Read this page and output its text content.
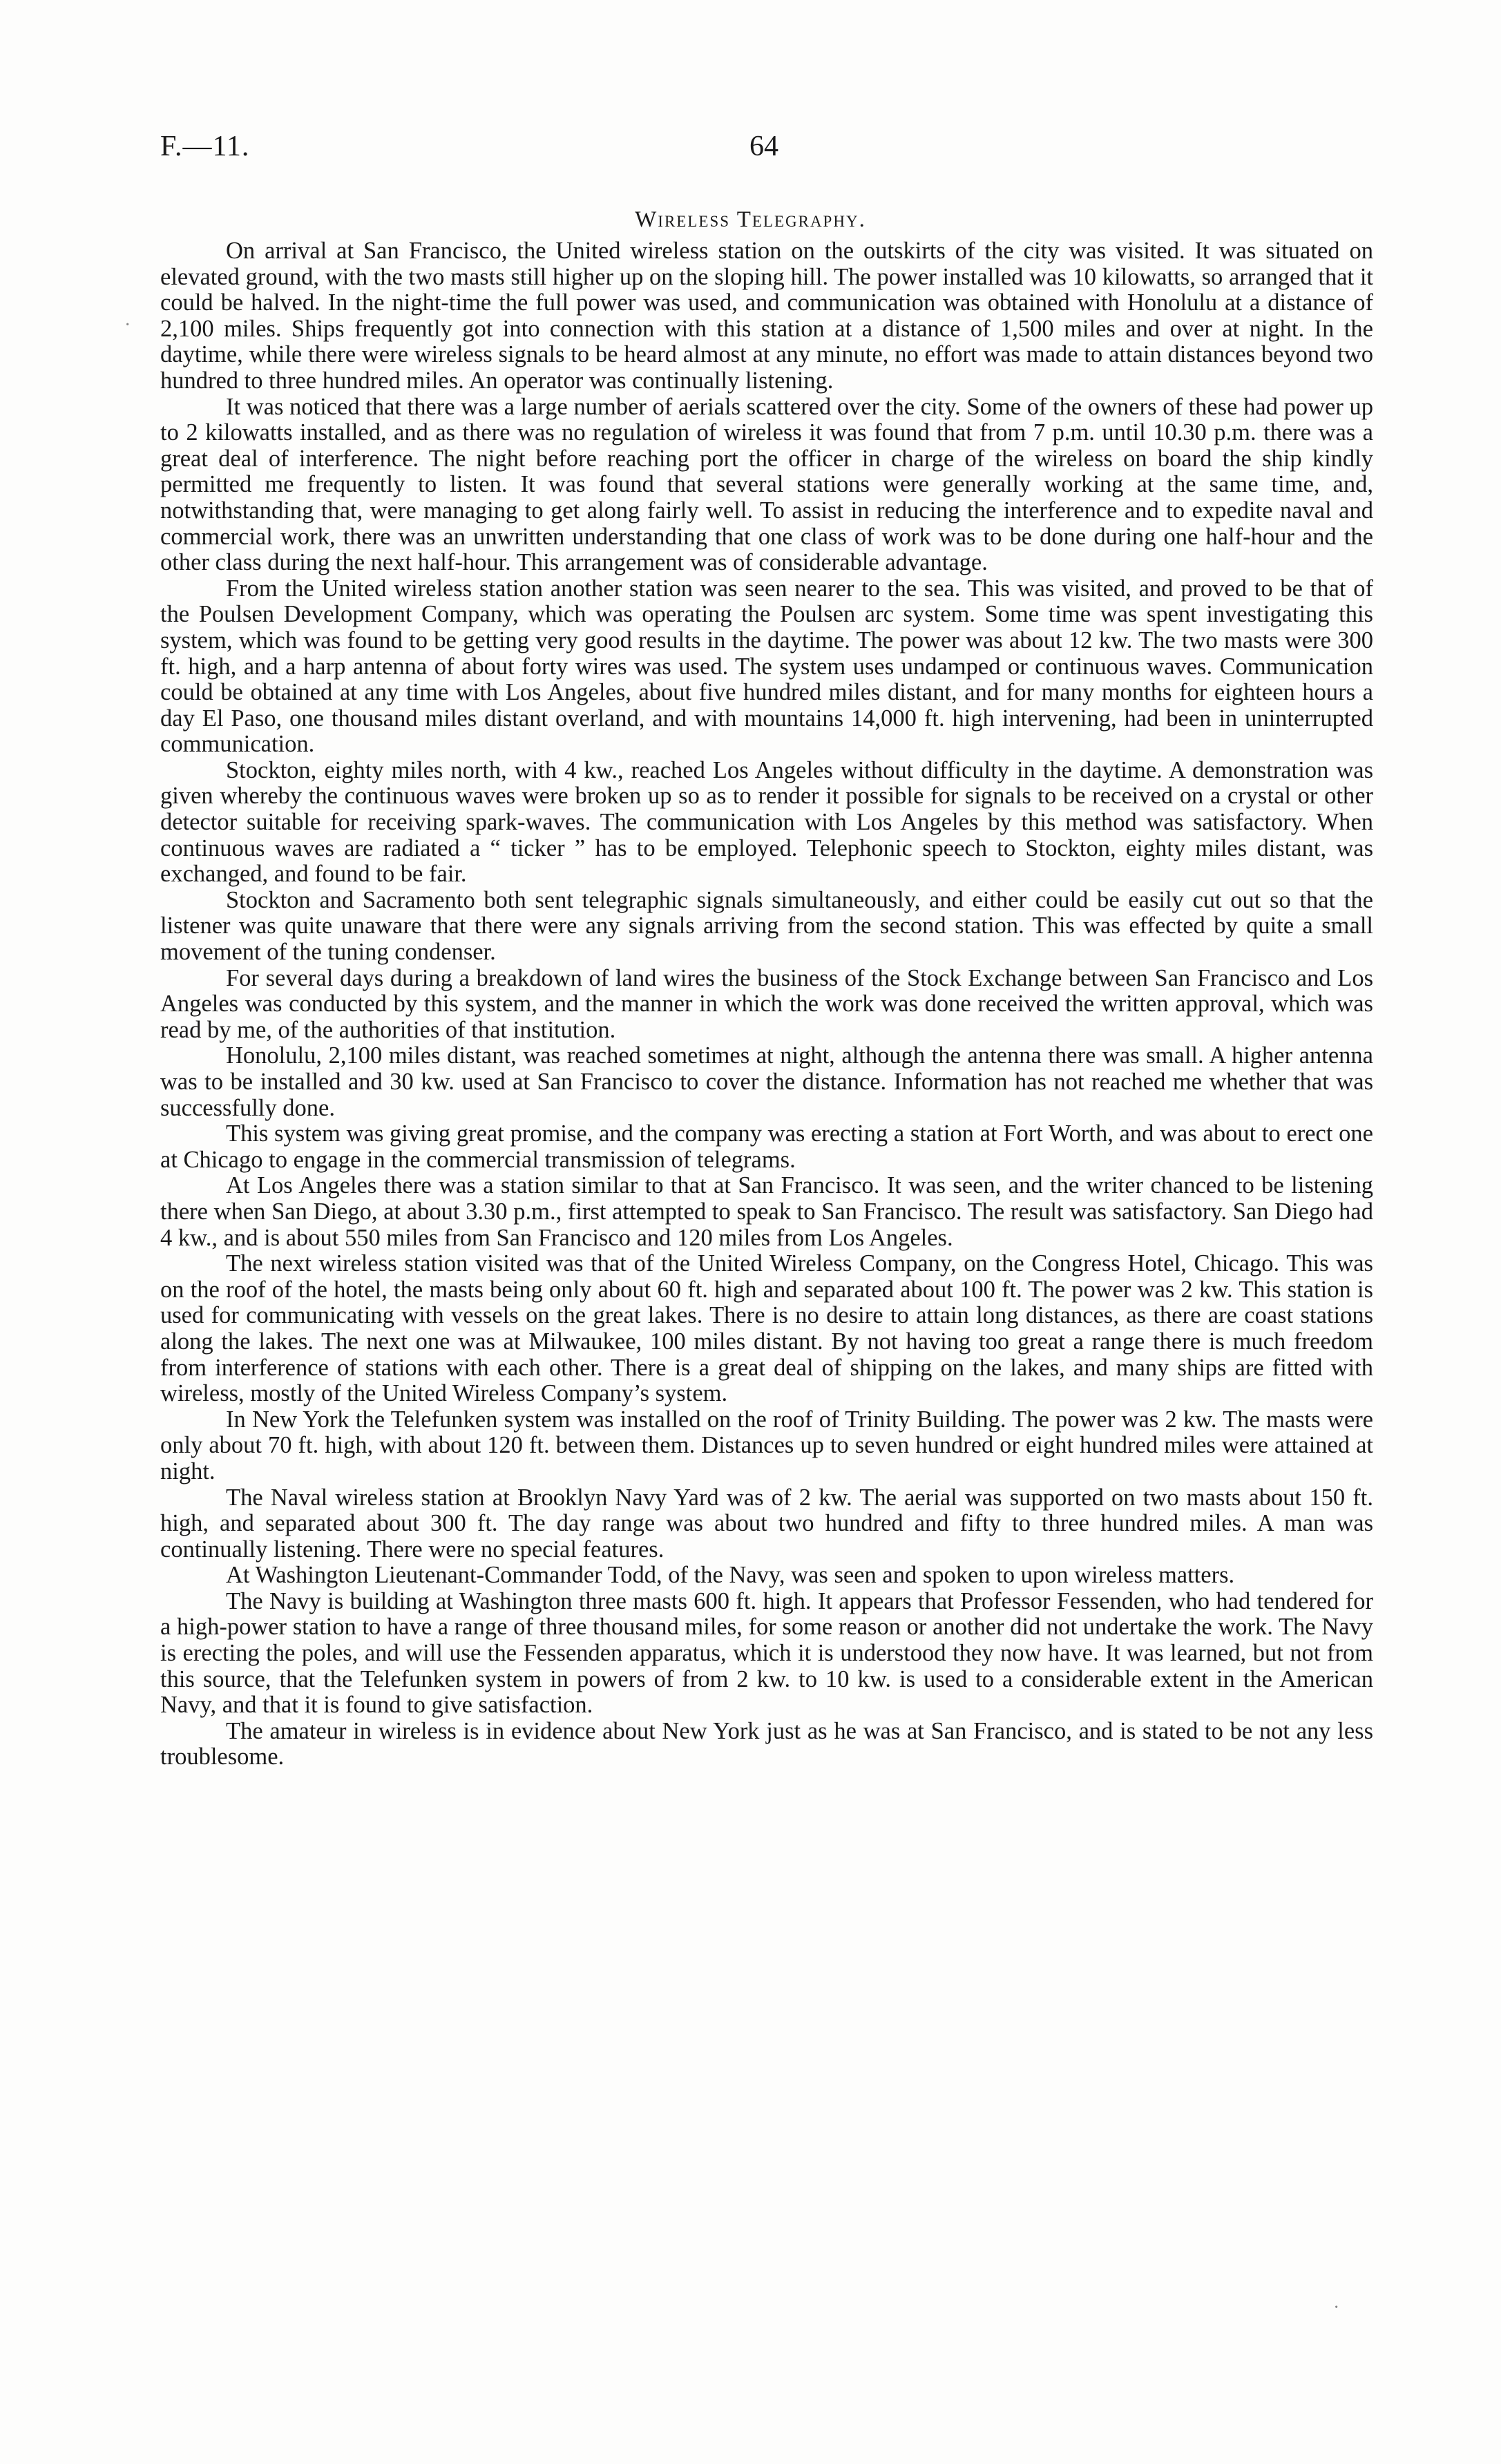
F.—11.	64
Wireless Telegraphy.

On arrival at San Francisco, the United wireless station on the outskirts of the city was visited. It was situated on elevated ground, with the two masts still higher up on the sloping hill. The power installed was 10 kilowatts, so arranged that it could be halved. In the night-time the full power was used, and communication was obtained with Honolulu at a distance of 2,100 miles. Ships frequently got into connection with this station at a distance of 1,500 miles and over at night. In the daytime, while there were wireless signals to be heard almost at any minute, no effort was made to attain distances beyond two hundred to three hundred miles. An operator was continually listening.

It was noticed that there was a large number of aerials scattered over the city. Some of the owners of these had power up to 2 kilowatts installed, and as there was no regulation of wireless it was found that from 7 p.m. until 10.30 p.m. there was a great deal of interference. The night before reaching port the officer in charge of the wireless on board the ship kindly permitted me frequently to listen. It was found that several stations were generally working at the same time, and, notwithstanding that, were managing to get along fairly well. To assist in reducing the interference and to expedite naval and commercial work, there was an unwritten understanding that one class of work was to be done during one half-hour and the other class during the next half-hour. This arrangement was of considerable advantage.

From the United wireless station another station was seen nearer to the sea. This was visited, and proved to be that of the Poulsen Development Company, which was operating the Poulsen arc system. Some time was spent investigating this system, which was found to be getting very good results in the daytime. The power was about 12 kw. The two masts were 300 ft. high, and a harp antenna of about forty wires was used. The system uses undamped or continuous waves. Communication could be obtained at any time with Los Angeles, about five hundred miles distant, and for many months for eighteen hours a day El Paso, one thousand miles distant overland, and with mountains 14,000 ft. high intervening, had been in uninterrupted communication.

Stockton, eighty miles north, with 4 kw., reached Los Angeles without difficulty in the daytime. A demonstration was given whereby the continuous waves were broken up so as to render it possible for signals to be received on a crystal or other detector suitable for receiving spark-waves. The communication with Los Angeles by this method was satisfactory. When continuous waves are radiated a “ ticker ” has to be employed. Telephonic speech to Stockton, eighty miles distant, was exchanged, and found to be fair.

Stockton and Sacramento both sent telegraphic signals simultaneously, and either could be easily cut out so that the listener was quite unaware that there were any signals arriving from the second station. This was effected by quite a small movement of the tuning condenser.

For several days during a breakdown of land wires the business of the Stock Exchange between San Francisco and Los Angeles was conducted by this system, and the manner in which the work was done received the written approval, which was read by me, of the authorities of that institution.

Honolulu, 2,100 miles distant, was reached sometimes at night, although the antenna there was small. A higher antenna was to be installed and 30 kw. used at San Francisco to cover the distance. Information has not reached me whether that was successfully done.

This system was giving great promise, and the company was erecting a station at Fort Worth, and was about to erect one at Chicago to engage in the commercial transmission of telegrams.

At Los Angeles there was a station similar to that at San Francisco. It was seen, and the writer chanced to be listening there when San Diego, at about 3.30 p.m., first attempted to speak to San Francisco. The result was satisfactory. San Diego had 4 kw., and is about 550 miles from San Francisco and 120 miles from Los Angeles.

The next wireless station visited was that of the United Wireless Company, on the Congress Hotel, Chicago. This was on the roof of the hotel, the masts being only about 60 ft. high and separated about 100 ft. The power was 2 kw. This station is used for communicating with vessels on the great lakes. There is no desire to attain long distances, as there are coast stations along the lakes. The next one was at Milwaukee, 100 miles distant. By not having too great a range there is much freedom from interference of stations with each other. There is a great deal of shipping on the lakes, and many ships are fitted with wireless, mostly of the United Wireless Company’s system.

In New York the Telefunken system was installed on the roof of Trinity Building. The power was 2 kw. The masts were only about 70 ft. high, with about 120 ft. between them. Distances up to seven hundred or eight hundred miles were attained at night.

The Naval wireless station at Brooklyn Navy Yard was of 2 kw. The aerial was supported on two masts about 150 ft. high, and separated about 300 ft. The day range was about two hundred and fifty to three hundred miles. A man was continually listening. There were no special features.

At Washington Lieutenant-Commander Todd, of the Navy, was seen and spoken to upon wireless matters.

The Navy is building at Washington three masts 600 ft. high. It appears that Professor Fessenden, who had tendered for a high-power station to have a range of three thousand miles, for some reason or another did not undertake the work. The Navy is erecting the poles, and will use the Fessenden apparatus, which it is understood they now have. It was learned, but not from this source, that the Telefunken system in powers of from 2 kw. to 10 kw. is used to a considerable extent in the American Navy, and that it is found to give satisfaction.

The amateur in wireless is in evidence about New York just as he was at San Francisco, and is stated to be not any less troublesome.

·
·
